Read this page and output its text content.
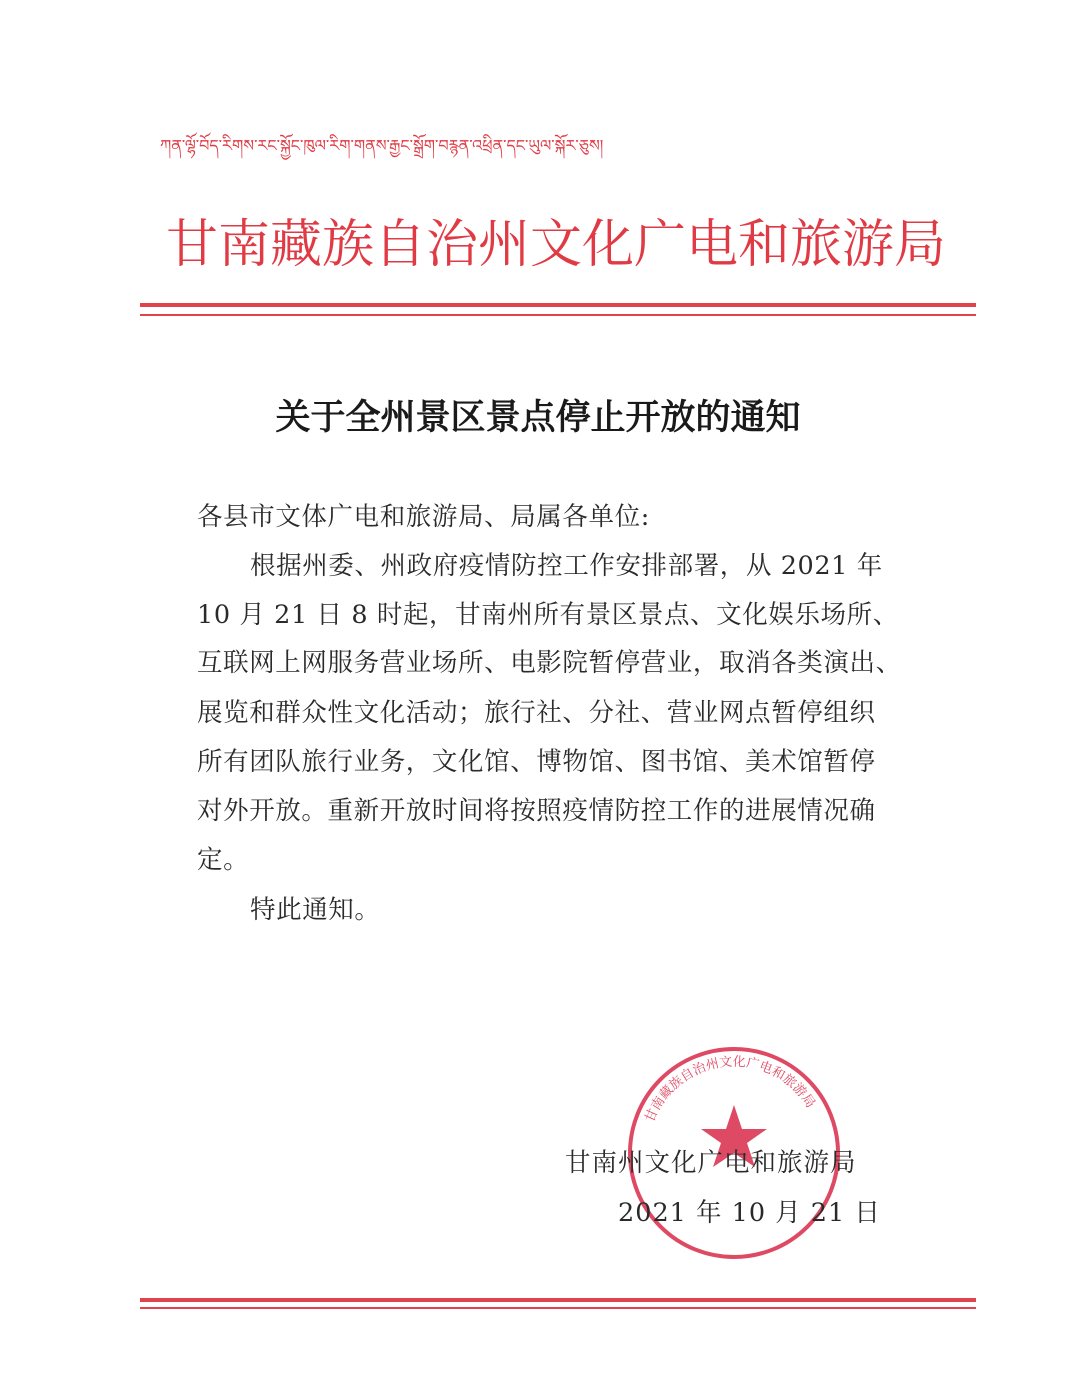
ཀན་ལྷོ་བོད་རིགས་རང་སྐྱོང་ཁུལ་རིག་གནས་རྒྱང་སྒྲོག་བརྙན་འཕྲིན་དང་ཡུལ་སྐོར་ཅུས།
甘南藏族自治州文化广电和旅游局
关于全州景区景点停止开放的通知
各县市文体广电和旅游局、局属各单位:
根据州委、州政府疫情防控工作安排部署，从 2021 年
10 月 21 日 8 时起，甘南州所有景区景点、文化娱乐场所、
互联网上网服务营业场所、电影院暂停营业，取消各类演出、
展览和群众性文化活动；旅行社、分社、营业网点暂停组织
所有团队旅行业务，文化馆、博物馆、图书馆、美术馆暂停
对外开放。重新开放时间将按照疫情防控工作的进展情况确
定。
特此通知。
甘南藏族自治州文化广电和旅游局
甘南州文化广电和旅游局
2021 年 10 月 21 日
